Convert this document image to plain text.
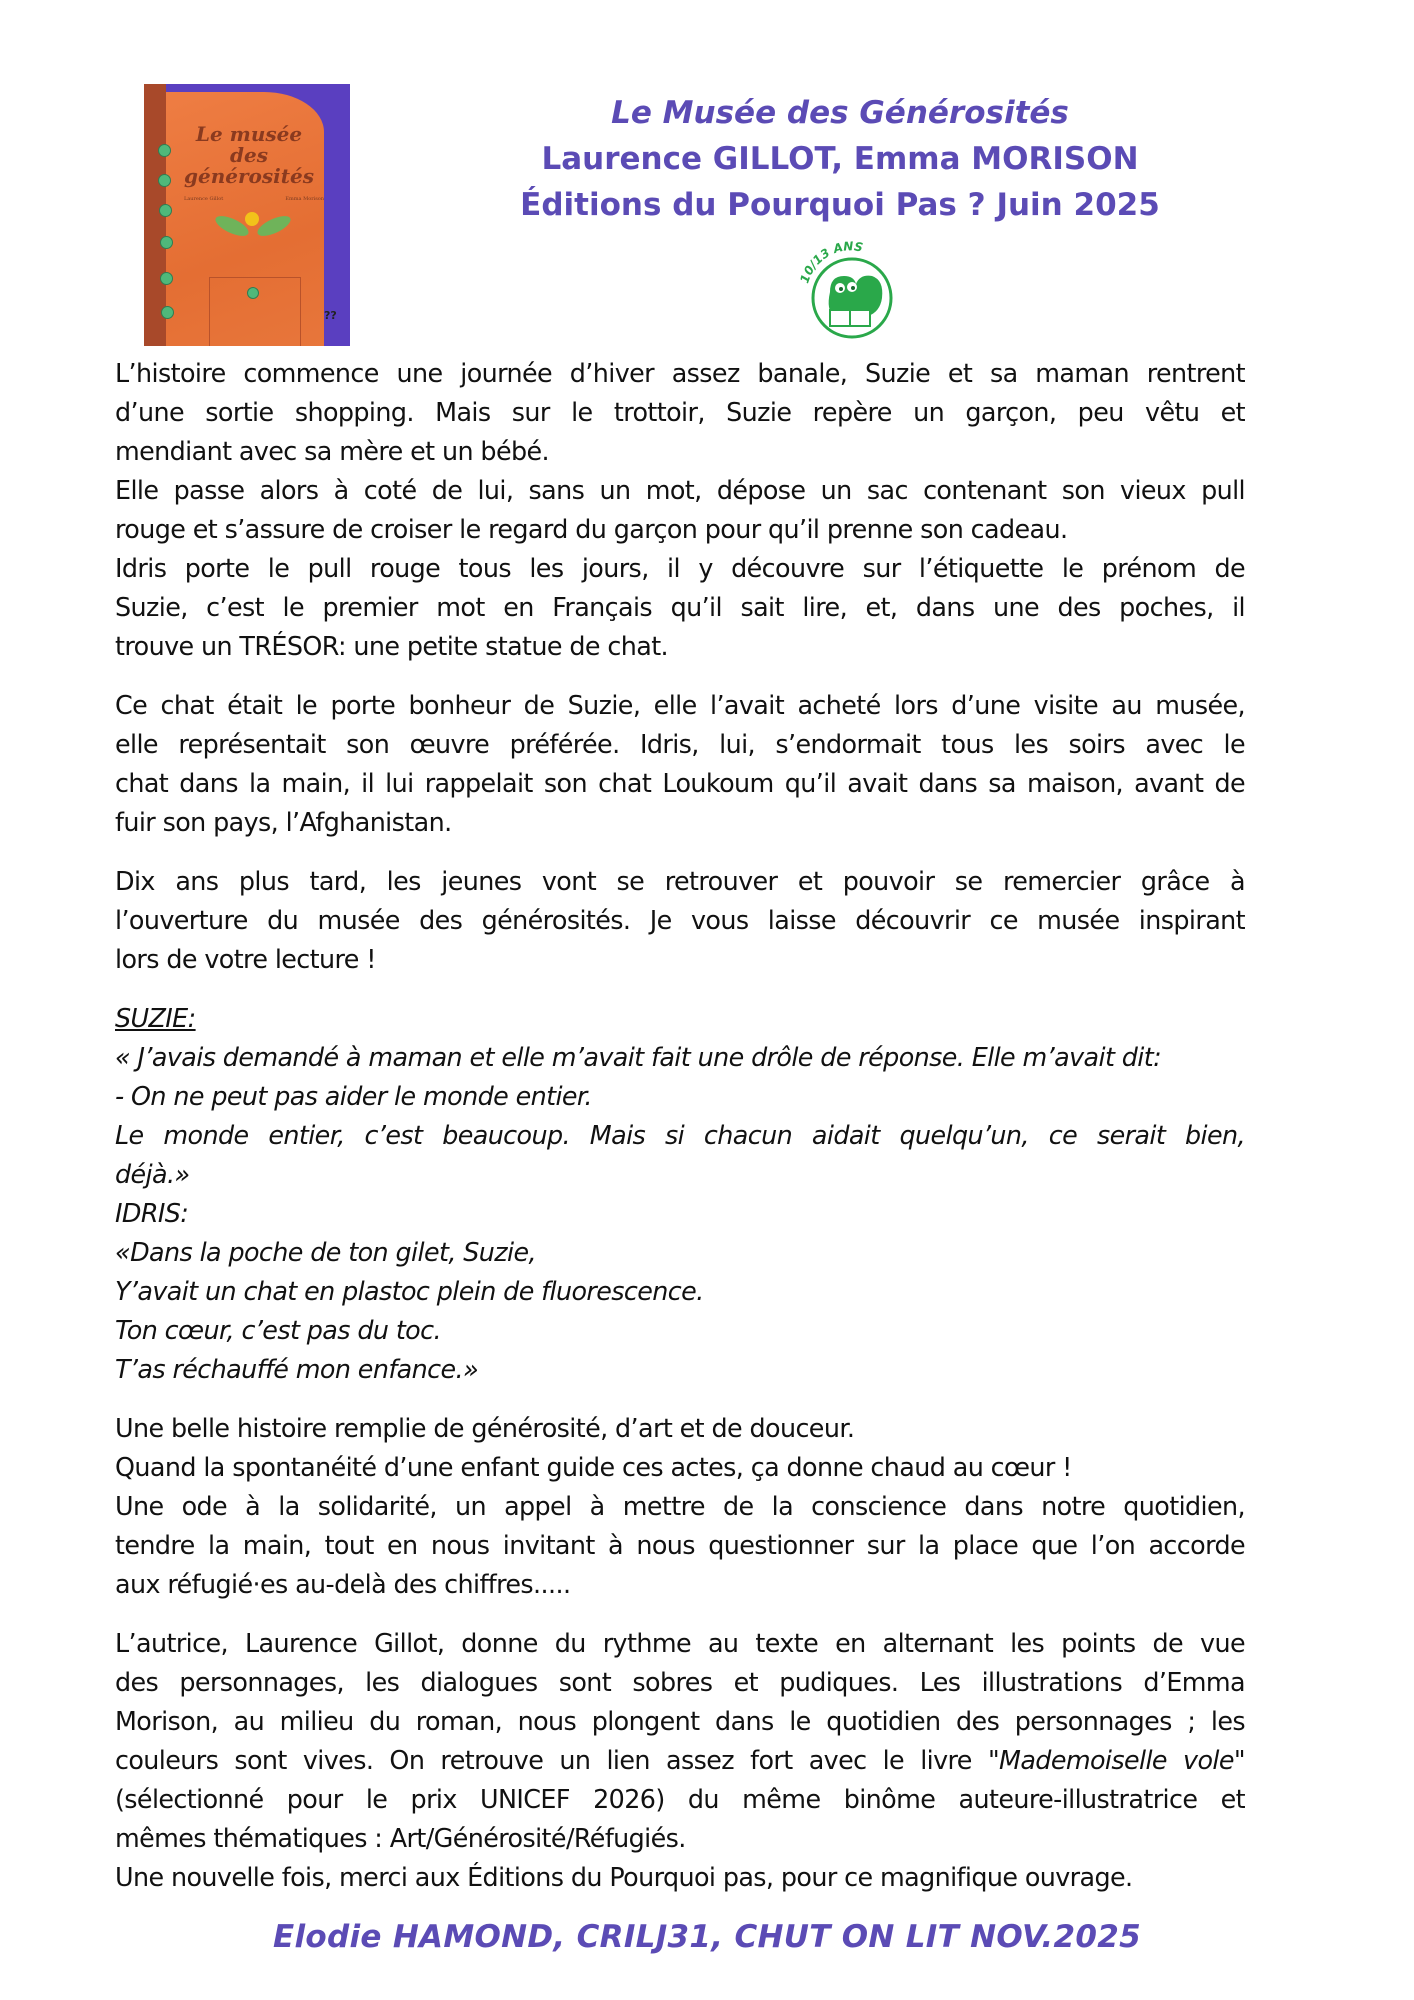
Le musée
des
générosités
Laurence Gillot	Emma Morison
??
Le Musée des Générosités
Laurence GILLOT, Emma MORISON
Éditions du Pourquoi Pas ? Juin 2025
10/13 ANS

L’histoire commence une journée d’hiver assez banale, Suzie et sa maman rentrent
d’une sortie shopping. Mais sur le trottoir, Suzie repère un garçon, peu vêtu et
mendiant avec sa mère et un bébé.
Elle passe alors à coté de lui, sans un mot, dépose un sac contenant son vieux pull
rouge et s’assure de croiser le regard du garçon pour qu’il prenne son cadeau.
Idris porte le pull rouge tous les jours, il y découvre sur l’étiquette le prénom de
Suzie, c’est le premier mot en Français qu’il sait lire, et, dans une des poches, il
trouve un TRÉSOR: une petite statue de chat.

Ce chat était le porte bonheur de Suzie, elle l’avait acheté lors d’une visite au musée,
elle représentait son œuvre préférée. Idris, lui, s’endormait tous les soirs avec le
chat dans la main, il lui rappelait son chat Loukoum qu’il avait dans sa maison, avant de
fuir son pays, l’Afghanistan.

Dix ans plus tard, les jeunes vont se retrouver et pouvoir se remercier grâce à
l’ouverture du musée des générosités. Je vous laisse découvrir ce musée inspirant
lors de votre lecture !

SUZIE:
« J’avais demandé à maman et elle m’avait fait une drôle de réponse. Elle m’avait dit:
- On ne peut pas aider le monde entier.
Le monde entier, c’est beaucoup. Mais si chacun aidait quelqu’un, ce serait bien,
déjà.»
IDRIS:
«Dans la poche de ton gilet, Suzie,
Y’avait un chat en plastoc plein de fluorescence.
Ton cœur, c’est pas du toc.
T’as réchauffé mon enfance.»

Une belle histoire remplie de générosité, d’art et de douceur.
Quand la spontanéité d’une enfant guide ces actes, ça donne chaud au cœur !
Une ode à la solidarité, un appel à mettre de la conscience dans notre quotidien,
tendre la main, tout en nous invitant à nous questionner sur la place que l’on accorde
aux réfugié·es au-delà des chiffres.....

L’autrice, Laurence Gillot, donne du rythme au texte en alternant les points de vue
des personnages, les dialogues sont sobres et pudiques. Les illustrations d’Emma
Morison, au milieu du roman, nous plongent dans le quotidien des personnages ; les
couleurs sont vives. On retrouve un lien assez fort avec le livre "Mademoiselle vole"
(sélectionné pour le prix UNICEF 2026) du même binôme auteure-illustratrice et
mêmes thématiques : Art/Générosité/Réfugiés.
Une nouvelle fois, merci aux Éditions du Pourquoi pas, pour ce magnifique ouvrage.

Elodie HAMOND, CRILJ31, CHUT ON LIT NOV.2025
